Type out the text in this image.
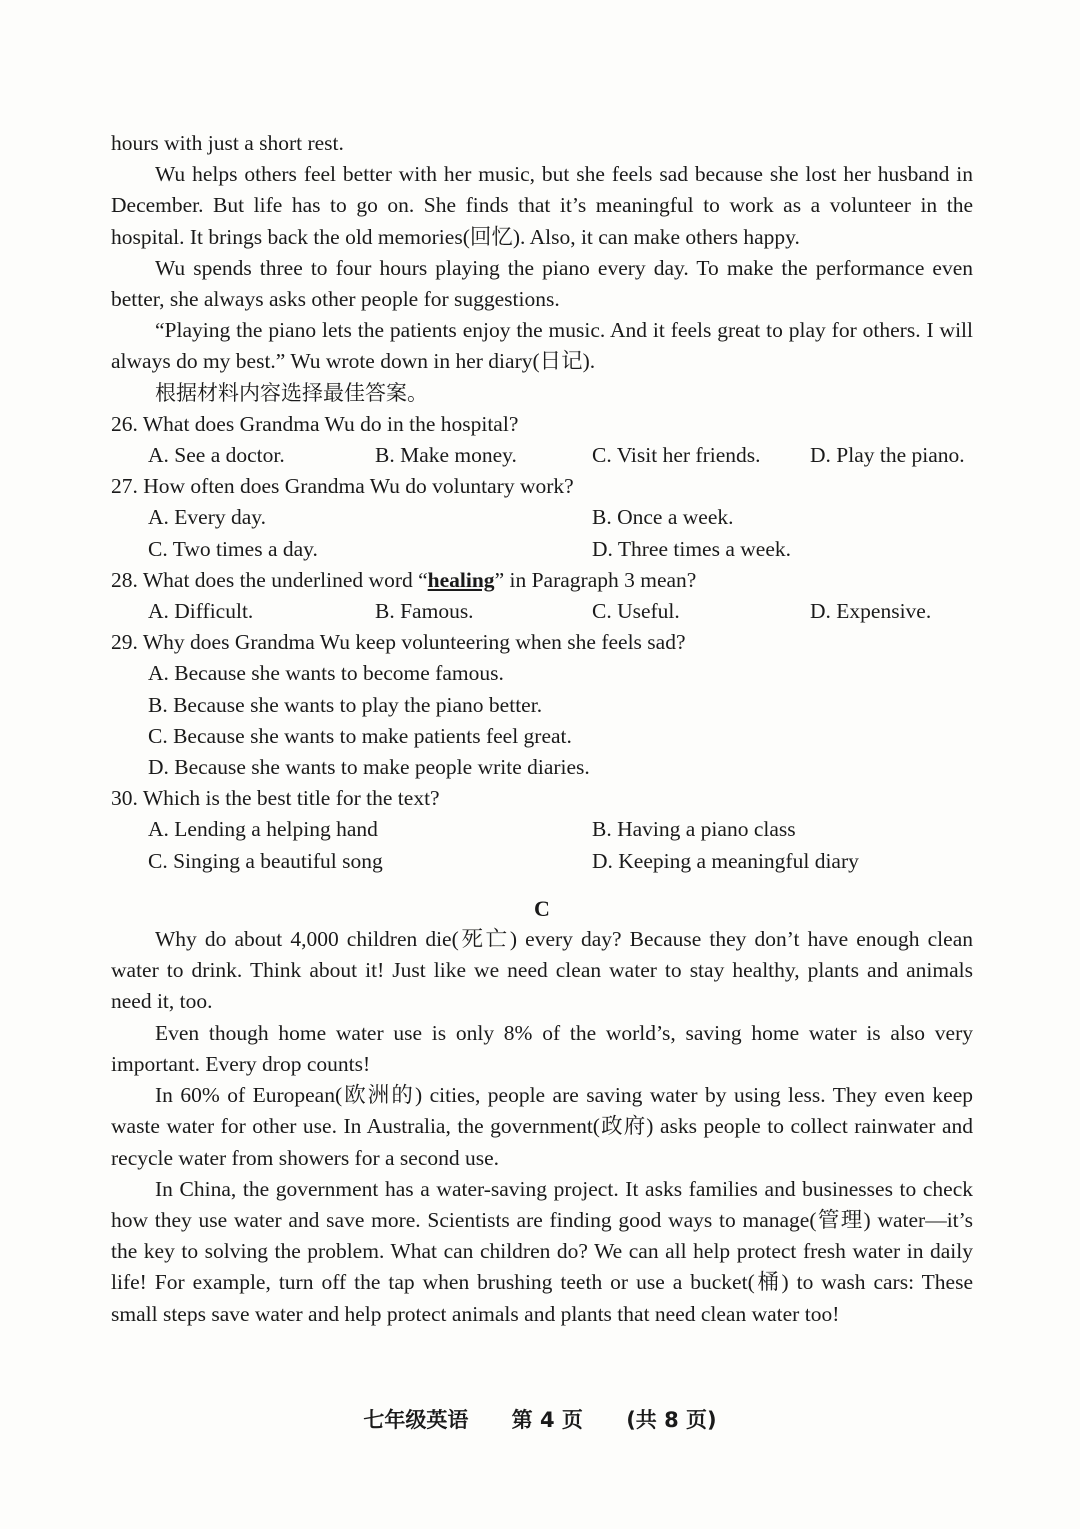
hours with just a short rest.

Wu helps others feel better with her music, but she feels sad because she lost her husband in December. But life has to go on. She finds that it’s meaningful to work as a volunteer in the hospital. It brings back the old memories(回忆). Also, it can make others happy.

Wu spends three to four hours playing the piano every day. To make the performance even better, she always asks other people for suggestions.

“Playing the piano lets the patients enjoy the music. And it feels great to play for others. I will always do my best.” Wu wrote down in her diary(日记).

根据材料内容选择最佳答案。
26. What does Grandma Wu do in the hospital?
A. See a doctor.	B. Make money.	C. Visit her friends.	D. Play the piano.
27. How often does Grandma Wu do voluntary work?
A. Every day.	B. Once a week.
C. Two times a day.	D. Three times a week.
28. What does the underlined word “healing” in Paragraph 3 mean?
A. Difficult.	B. Famous.	C. Useful.	D. Expensive.
29. Why does Grandma Wu keep volunteering when she feels sad?
A. Because she wants to become famous.
B. Because she wants to play the piano better.
C. Because she wants to make patients feel great.
D. Because she wants to make people write diaries.
30. Which is the best title for the text?
A. Lending a helping hand	B. Having a piano class
C. Singing a beautiful song	D. Keeping a meaningful diary
C

Why do about 4,000 children die(死亡) every day? Because they don’t have enough clean water to drink. Think about it! Just like we need clean water to stay healthy, plants and animals need it, too.

Even though home water use is only 8% of the world’s, saving home water is also very important. Every drop counts!

In 60% of European(欧洲的) cities, people are saving water by using less. They even keep waste water for other use. In Australia, the government(政府) asks people to collect rainwater and recycle water from showers for a second use.

In China, the government has a water-saving project. It asks families and businesses to check how they use water and save more. Scientists are finding good ways to manage(管理) water—it’s the key to solving the problem. What can children do? We can all help protect fresh water in daily life! For example, turn off the tap when brushing teeth or use a bucket(桶) to wash cars: These small steps save water and help protect animals and plants that need clean water too!

七年级英语 第 4 页 (共 8 页)
